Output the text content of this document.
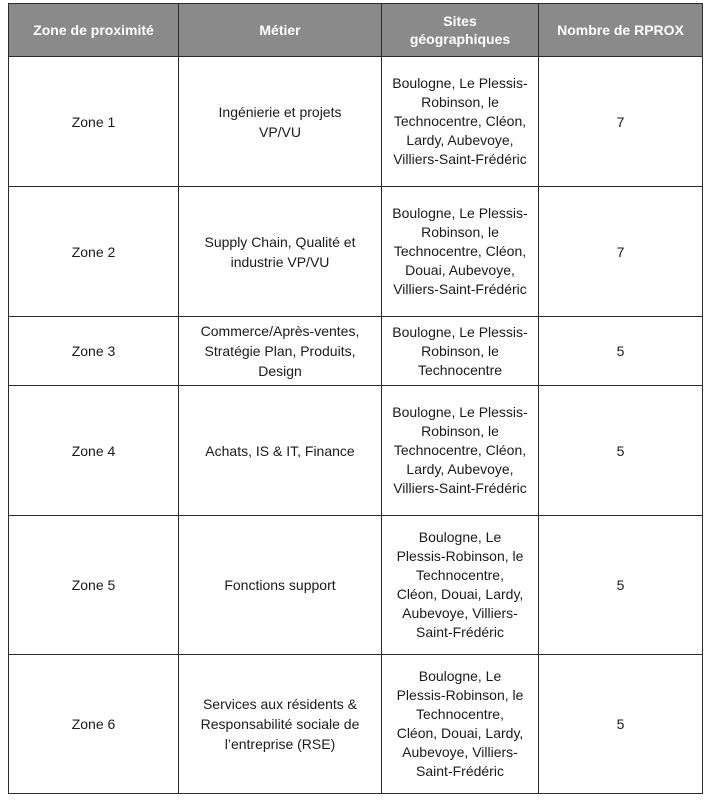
Zone de proximité	Métier	Sites géographiques	Nombre de RPROX
Zone 1	Ingénierie et projets VP/VU	Boulogne, Le Plessis-Robinson, le Technocentre, Cléon, Lardy, Aubevoye, Villiers-Saint-Frédéric	7
Zone 2	Supply Chain, Qualité et industrie VP/VU	Boulogne, Le Plessis-Robinson, le Technocentre, Cléon, Douai, Aubevoye, Villiers-Saint-Frédéric	7
Zone 3	Commerce/Après-ventes, Stratégie Plan, Produits, Design	Boulogne, Le Plessis-Robinson, le Technocentre	5
Zone 4	Achats, IS & IT, Finance	Boulogne, Le Plessis-Robinson, le Technocentre, Cléon, Lardy, Aubevoye, Villiers-Saint-Frédéric	5
Zone 5	Fonctions support	Boulogne, Le Plessis-Robinson, le Technocentre, Cléon, Douai, Lardy, Aubevoye, Villiers-Saint-Frédéric	5
Zone 6	Services aux résidents & Responsabilité sociale de l’entreprise (RSE)	Boulogne, Le Plessis-Robinson, le Technocentre, Cléon, Douai, Lardy, Aubevoye, Villiers-Saint-Frédéric	5
